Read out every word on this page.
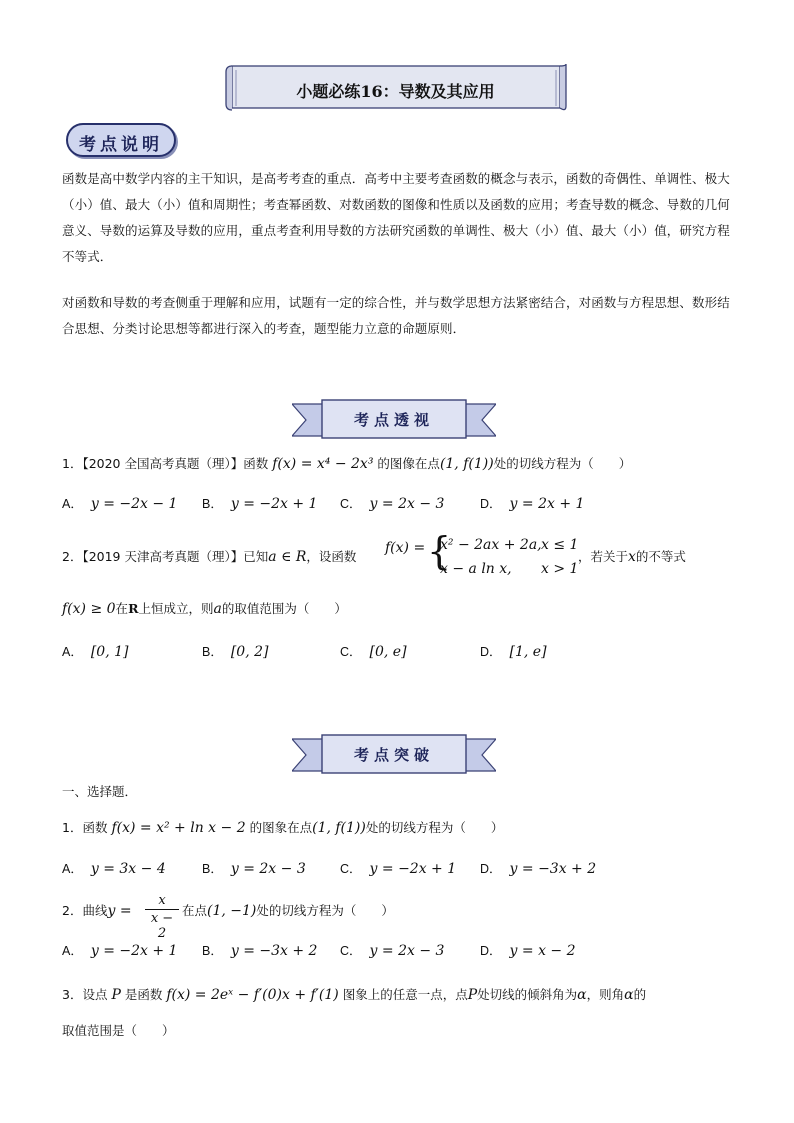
小题必练16：导数及其应用
考点说明
函数是高中数学内容的主干知识，是高考考查的重点．高考中主要考查函数的概念与表示，函数的奇偶性、单调性、极大（小）值、最大（小）值和周期性；考查幂函数、对数函数的图像和性质以及函数的应用；考查导数的概念、导数的几何意义、导数的运算及导数的应用，重点考查利用导数的方法研究函数的单调性、极大（小）值、最大（小）值，研究方程不等式．
对函数和导数的考查侧重于理解和应用，试题有一定的综合性，并与数学思想方法紧密结合，对函数与方程思想、数形结合思想、分类讨论思想等都进行深入的考查，题型能力立意的命题原则．
考点透视
1．【2020 全国高考真题（理）】函数 f(x) = x⁴ − 2x³ 的图像在点(1, f(1))处的切线方程为（　　）
A． y = −2x − 1 B． y = −2x + 1 C． y = 2x − 3	D． y = 2x + 1
2．【2019 天津高考真题（理）】已知a ∈ R，设函数
f(x) = {
x² − 2ax + 2a, x ≤ 1
x − a ln x, x > 1
，若关于x的不等式
f(x) ≥ 0在R上恒成立，则a的取值范围为（　　）
A． [0, 1]	B． [0, 2]	C． [0, e]	D． [1, e]
考点突破
一、选择题．
1．函数 f(x) = x² + ln x − 2 的图象在点(1, f(1))处的切线方程为（　　）
A． y = 3x − 4	B． y = 2x − 3	C． y = −2x + 1 D． y = −3x + 2
2．曲线y =
x
x − 2
在点(1, −1)处的切线方程为（　　）
A． y = −2x + 1 B． y = −3x + 2 C． y = 2x − 3	D． y = x − 2
3．设点 P 是函数 f(x) = 2eˣ − f′(0)x + f′(1) 图象上的任意一点，点P处切线的倾斜角为α，则角α的
取值范围是（　　）
